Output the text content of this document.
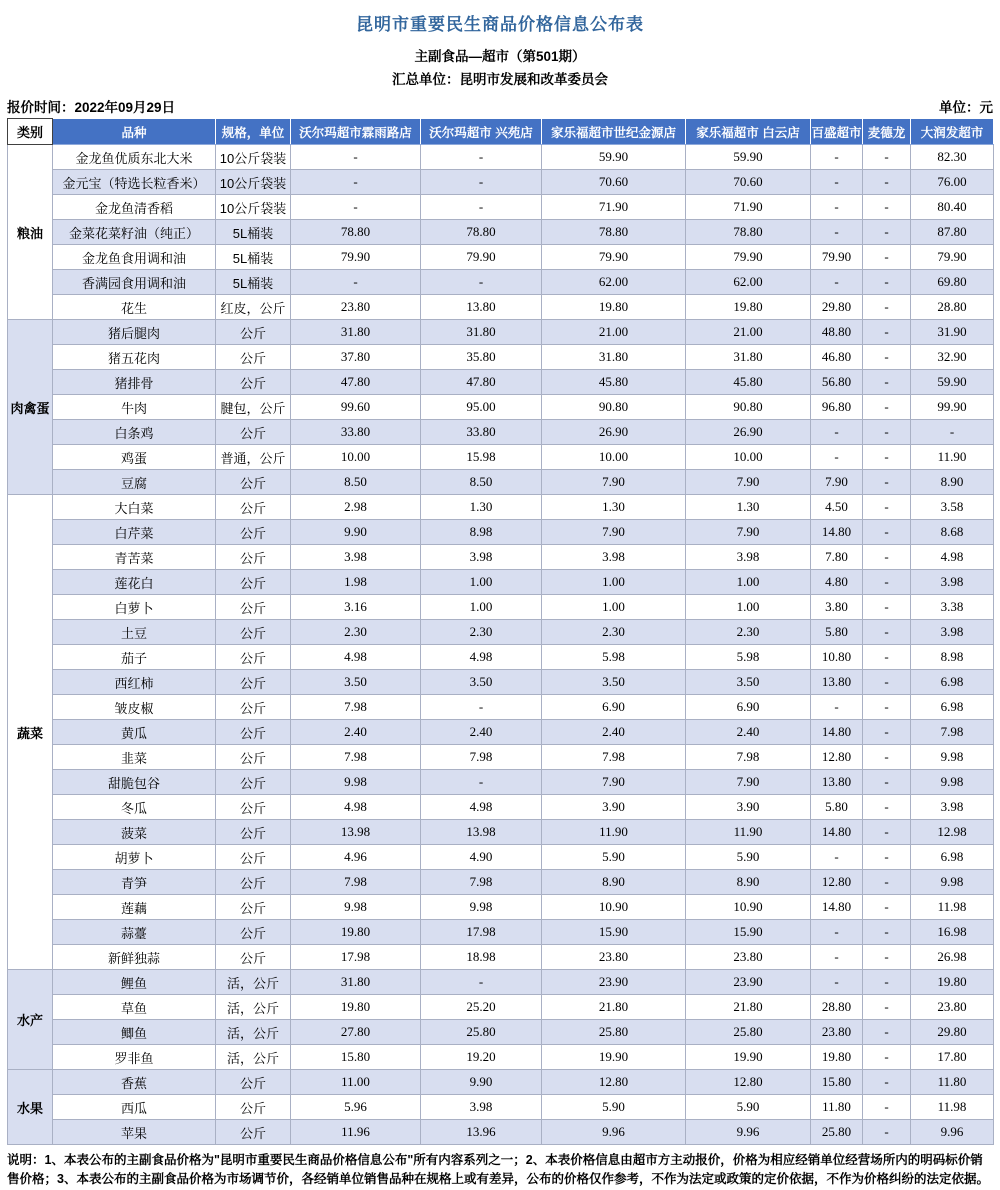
昆明市重要民生商品价格信息公布表
主副食品—超市（第501期）
汇总单位：昆明市发展和改革委员会
报价时间：2022年09月29日	单位：元
类别	品种	规格，单位	沃尔玛超市霖雨路店	沃尔玛超市 兴苑店	家乐福超市世纪金源店	家乐福超市 白云店	百盛超市	麦德龙	大润发超市
粮油	金龙鱼优质东北大米	10公斤袋装	-	-	59.90	59.90	-	-	82.30
	金元宝（特选长粒香米）	10公斤袋装	-	-	70.60	70.60	-	-	76.00
	金龙鱼清香稻	10公斤袋装	-	-	71.90	71.90	-	-	80.40
	金菜花菜籽油（纯正）	5L桶装	78.80	78.80	78.80	78.80	-	-	87.80
	金龙鱼食用调和油	5L桶装	79.90	79.90	79.90	79.90	79.90	-	79.90
	香满园食用调和油	5L桶装	-	-	62.00	62.00	-	-	69.80
	花生	红皮，公斤	23.80	13.80	19.80	19.80	29.80	-	28.80
肉禽蛋	猪后腿肉	公斤	31.80	31.80	21.00	21.00	48.80	-	31.90
	猪五花肉	公斤	37.80	35.80	31.80	31.80	46.80	-	32.90
	猪排骨	公斤	47.80	47.80	45.80	45.80	56.80	-	59.90
	牛肉	腱包，公斤	99.60	95.00	90.80	90.80	96.80	-	99.90
	白条鸡	公斤	33.80	33.80	26.90	26.90	-	-	-
	鸡蛋	普通，公斤	10.00	15.98	10.00	10.00	-	-	11.90
	豆腐	公斤	8.50	8.50	7.90	7.90	7.90	-	8.90
蔬菜	大白菜	公斤	2.98	1.30	1.30	1.30	4.50	-	3.58
	白芹菜	公斤	9.90	8.98	7.90	7.90	14.80	-	8.68
	青苦菜	公斤	3.98	3.98	3.98	3.98	7.80	-	4.98
	莲花白	公斤	1.98	1.00	1.00	1.00	4.80	-	3.98
	白萝卜	公斤	3.16	1.00	1.00	1.00	3.80	-	3.38
	土豆	公斤	2.30	2.30	2.30	2.30	5.80	-	3.98
	茄子	公斤	4.98	4.98	5.98	5.98	10.80	-	8.98
	西红柿	公斤	3.50	3.50	3.50	3.50	13.80	-	6.98
	皱皮椒	公斤	7.98	-	6.90	6.90	-	-	6.98
	黄瓜	公斤	2.40	2.40	2.40	2.40	14.80	-	7.98
	韭菜	公斤	7.98	7.98	7.98	7.98	12.80	-	9.98
	甜脆包谷	公斤	9.98	-	7.90	7.90	13.80	-	9.98
	冬瓜	公斤	4.98	4.98	3.90	3.90	5.80	-	3.98
	菠菜	公斤	13.98	13.98	11.90	11.90	14.80	-	12.98
	胡萝卜	公斤	4.96	4.90	5.90	5.90	-	-	6.98
	青笋	公斤	7.98	7.98	8.90	8.90	12.80	-	9.98
	莲藕	公斤	9.98	9.98	10.90	10.90	14.80	-	11.98
	蒜薹	公斤	19.80	17.98	15.90	15.90	-	-	16.98
	新鲜独蒜	公斤	17.98	18.98	23.80	23.80	-	-	26.98
水产	鲤鱼	活，公斤	31.80	-	23.90	23.90	-	-	19.80
	草鱼	活，公斤	19.80	25.20	21.80	21.80	28.80	-	23.80
	鲫鱼	活，公斤	27.80	25.80	25.80	25.80	23.80	-	29.80
	罗非鱼	活，公斤	15.80	19.20	19.90	19.90	19.80	-	17.80
水果	香蕉	公斤	11.00	9.90	12.80	12.80	15.80	-	11.80
	西瓜	公斤	5.96	3.98	5.90	5.90	11.80	-	11.98
	苹果	公斤	11.96	13.96	9.96	9.96	25.80	-	9.96
说明：1、本表公布的主副食品价格为"昆明市重要民生商品价格信息公布"所有内容系列之一；2、本表价格信息由超市方主动报价，价格为相应经销单位经营场所内的明码标价销售价格；3、本表公布的主副食品价格为市场调节价，各经销单位销售品种在规格上或有差异，公布的价格仅作参考，不作为法定或政策的定价依据，不作为价格纠纷的法定依据。
